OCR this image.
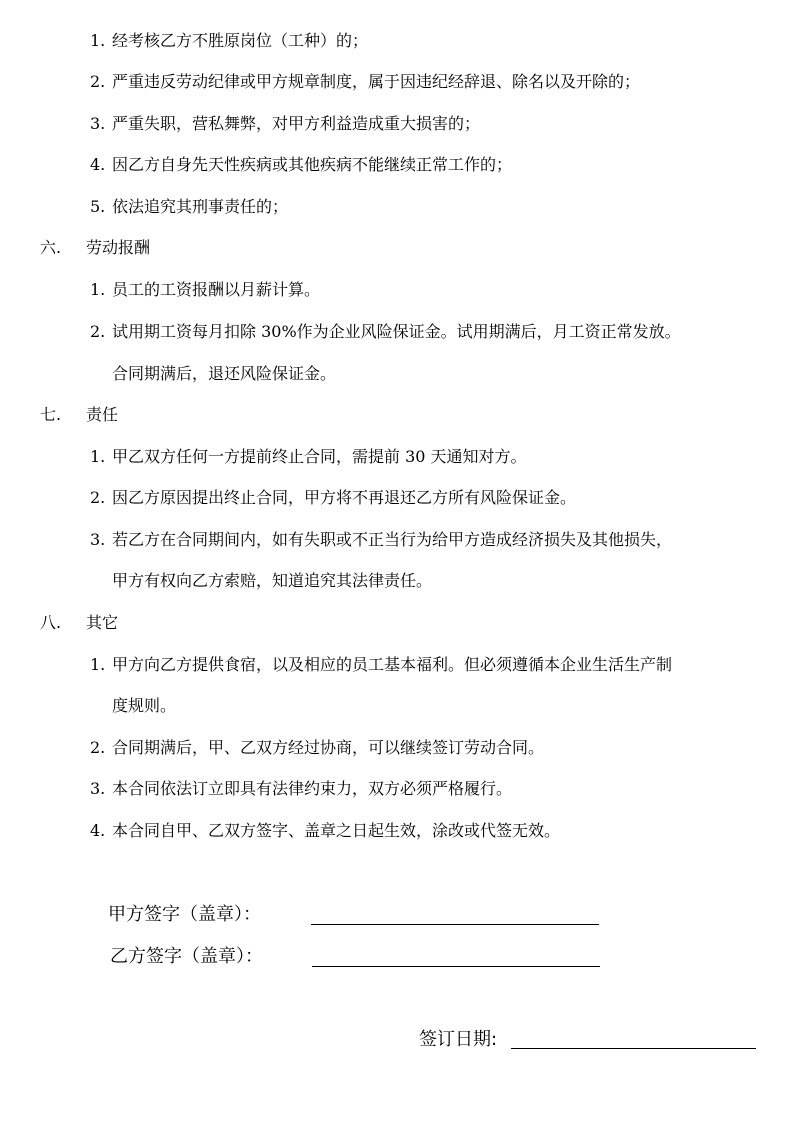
1. 经考核乙方不胜原岗位（工种）的；
2. 严重违反劳动纪律或甲方规章制度，属于因违纪经辞退、除名以及开除的；
3. 严重失职，营私舞弊，对甲方利益造成重大损害的；
4. 因乙方自身先天性疾病或其他疾病不能继续正常工作的；
5. 依法追究其刑事责任的；
六. 劳动报酬
1. 员工的工资报酬以月薪计算。
2. 试用期工资每月扣除 30%作为企业风险保证金。试用期满后，月工资正常发放。
合同期满后，退还风险保证金。
七. 责任
1. 甲乙双方任何一方提前终止合同，需提前 30 天通知对方。
2. 因乙方原因提出终止合同，甲方将不再退还乙方所有风险保证金。
3. 若乙方在合同期间内，如有失职或不正当行为给甲方造成经济损失及其他损失，
甲方有权向乙方索赔，知道追究其法律责任。
八. 其它
1. 甲方向乙方提供食宿，以及相应的员工基本福利。但必须遵循本企业生活生产制
度规则。
2. 合同期满后，甲、乙双方经过协商，可以继续签订劳动合同。
3. 本合同依法订立即具有法律约束力，双方必须严格履行。
4. 本合同自甲、乙双方签字、盖章之日起生效，涂改或代签无效。
甲方签字（盖章）：
乙方签字（盖章）：
签订日期:
